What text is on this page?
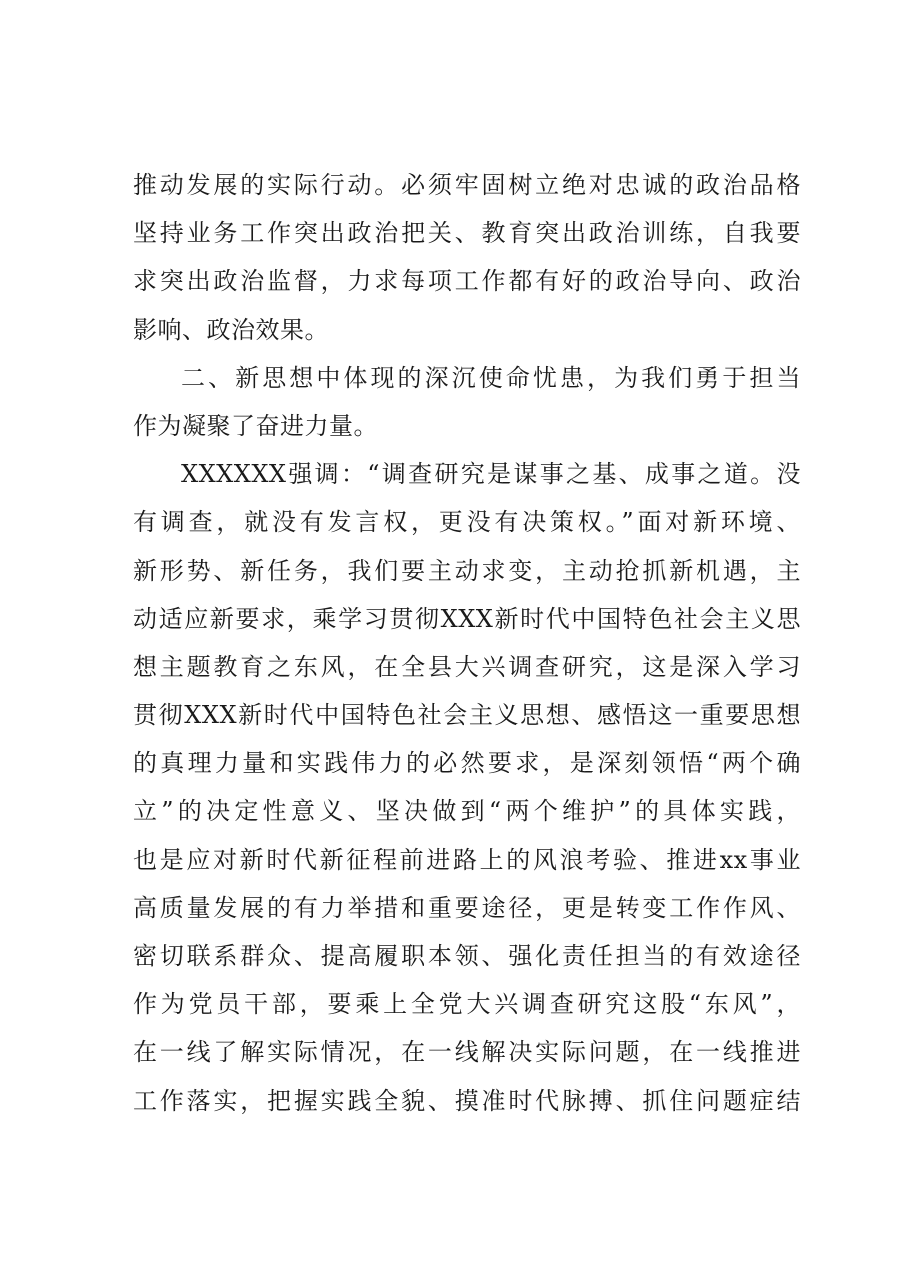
推动发展的实际行动。必须牢固树立绝对忠诚的政治品格
坚持业务工作突出政治把关、教育突出政治训练，自我要
求突出政治监督，力求每项工作都有好的政治导向、政治
影响、政治效果。
二、新思想中体现的深沉使命忧患，为我们勇于担当
作为凝聚了奋进力量。
XXXXXX强调：“调查研究是谋事之基、成事之道。没
有调查，就没有发言权，更没有决策权。”面对新环境、
新形势、新任务，我们要主动求变，主动抢抓新机遇，主
动适应新要求，乘学习贯彻XXX新时代中国特色社会主义思
想主题教育之东风，在全县大兴调查研究，这是深入学习
贯彻XXX新时代中国特色社会主义思想、感悟这一重要思想
的真理力量和实践伟力的必然要求，是深刻领悟“两个确
立”的决定性意义、坚决做到“两个维护”的具体实践，
也是应对新时代新征程前进路上的风浪考验、推进xx事业
高质量发展的有力举措和重要途径，更是转变工作作风、
密切联系群众、提高履职本领、强化责任担当的有效途径
作为党员干部，要乘上全党大兴调查研究这股“东风”，
在一线了解实际情况，在一线解决实际问题，在一线推进
工作落实，把握实践全貌、摸准时代脉搏、抓住问题症结
